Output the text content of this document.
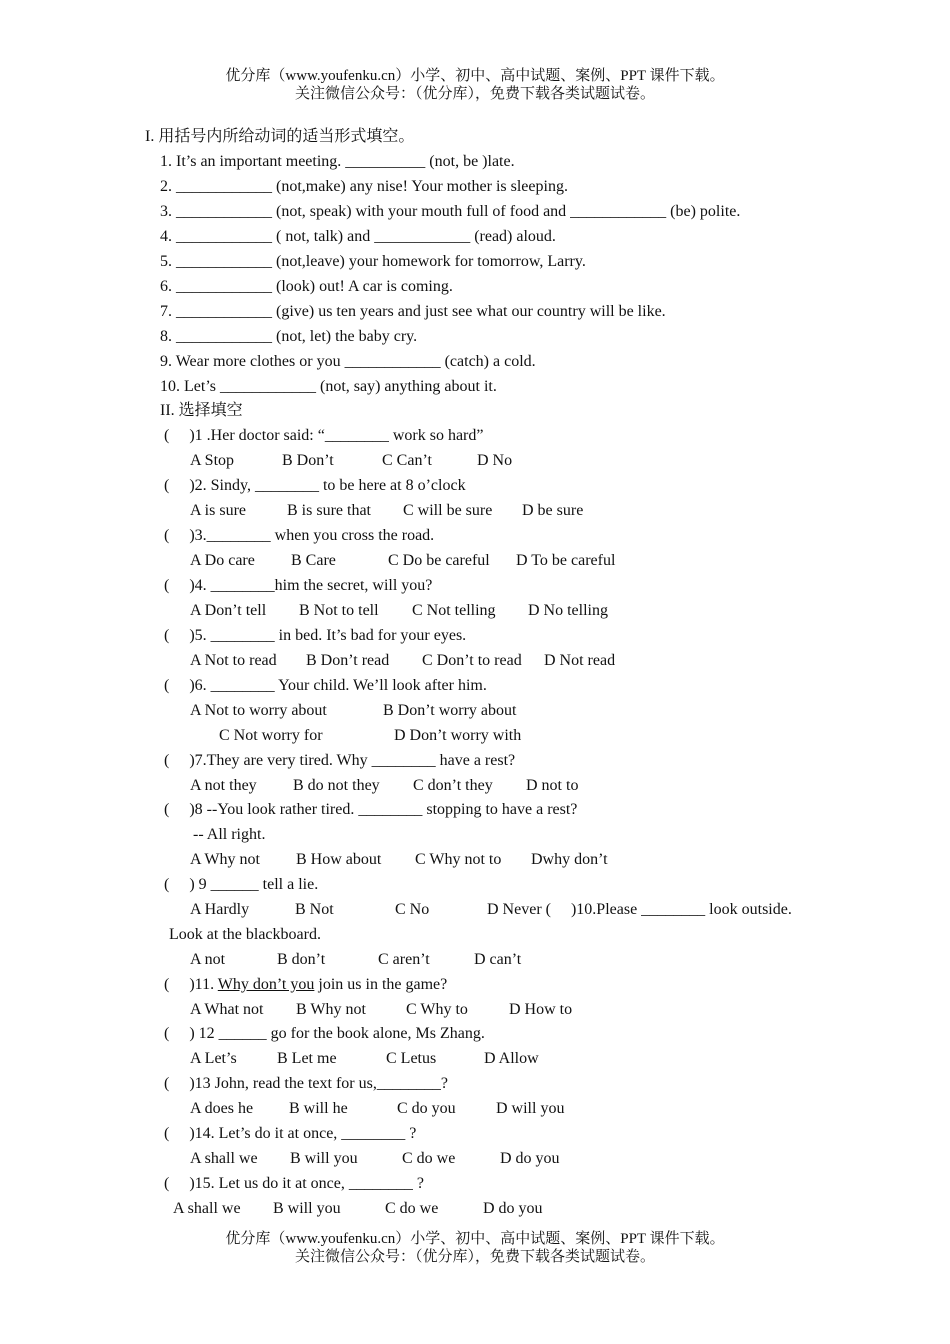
优分库（www.youfenku.cn）小学、初中、高中试题、案例、PPT 课件下载。
关注微信公众号：（优分库），免费下载各类试题试卷。
I. 用括号内所给动词的适当形式填空。
1. It’s an important meeting. __________ (not, be )late.
2. ____________ (not,make) any nise! Your mother is sleeping.
3. ____________ (not, speak) with your mouth full of food and ____________ (be) polite.
4. ____________ ( not, talk) and ____________ (read) aloud.
5. ____________ (not,leave) your homework for tomorrow, Larry.
6. ____________ (look) out! A car is coming.
7. ____________ (give) us ten years and just see what our country will be like.
8. ____________ (not, let) the baby cry.
9. Wear more clothes or you ____________ (catch) a cold.
10. Let’s ____________ (not, say) anything about it.
II. 选择填空
(     )1 .Her doctor said: “________ work so hard”
A Stop	B Don’t	C Can’t	D No
(     )2. Sindy, ________ to be here at 8 o’clock
A is sure	B is sure that C will be sure D be sure
(     )3.________ when you cross the road.
A Do care B Care	C Do be careful D To be careful
(     )4. ________him the secret, will you?
A Don’t tell B Not to tell C Not telling D No telling
(     )5. ________ in bed. It’s bad for your eyes.
A Not to read B Don’t read C Don’t to read D Not read
(     )6. ________ Your child. We’ll look after him.
A Not to worry about	B Don’t worry about
C Not worry for	D Don’t worry with
(     )7.They are very tired. Why ________ have a rest?
A not they B do not they C don’t they D not to
(     )8 --You look rather tired. ________ stopping to have a rest?
-- All right.
A Why not B How about C Why not to Dwhy don’t
(     ) 9 ______ tell a lie.
A Hardly	B Not	C No	D Never (     )10.Please ________ look outside.
Look at the blackboard.
A not	B don’t	C aren’t	D can’t
(     )11. Why don’t you join us in the game?
A What not B Why not	C Why to	D How to
(     ) 12 ______ go for the book alone, Ms Zhang.
A Let’s	B Let me	C Letus	D Allow
(     )13 John, read the text for us,________?
A does he B will he	C do you	D will you
(     )14. Let’s do it at once, ________ ?
A shall we B will you	C do we	D do you
(     )15. Let us do it at once, ________ ?
A shall we B will you	C do we	D do you
优分库（www.youfenku.cn）小学、初中、高中试题、案例、PPT 课件下载。
关注微信公众号：（优分库），免费下载各类试题试卷。
